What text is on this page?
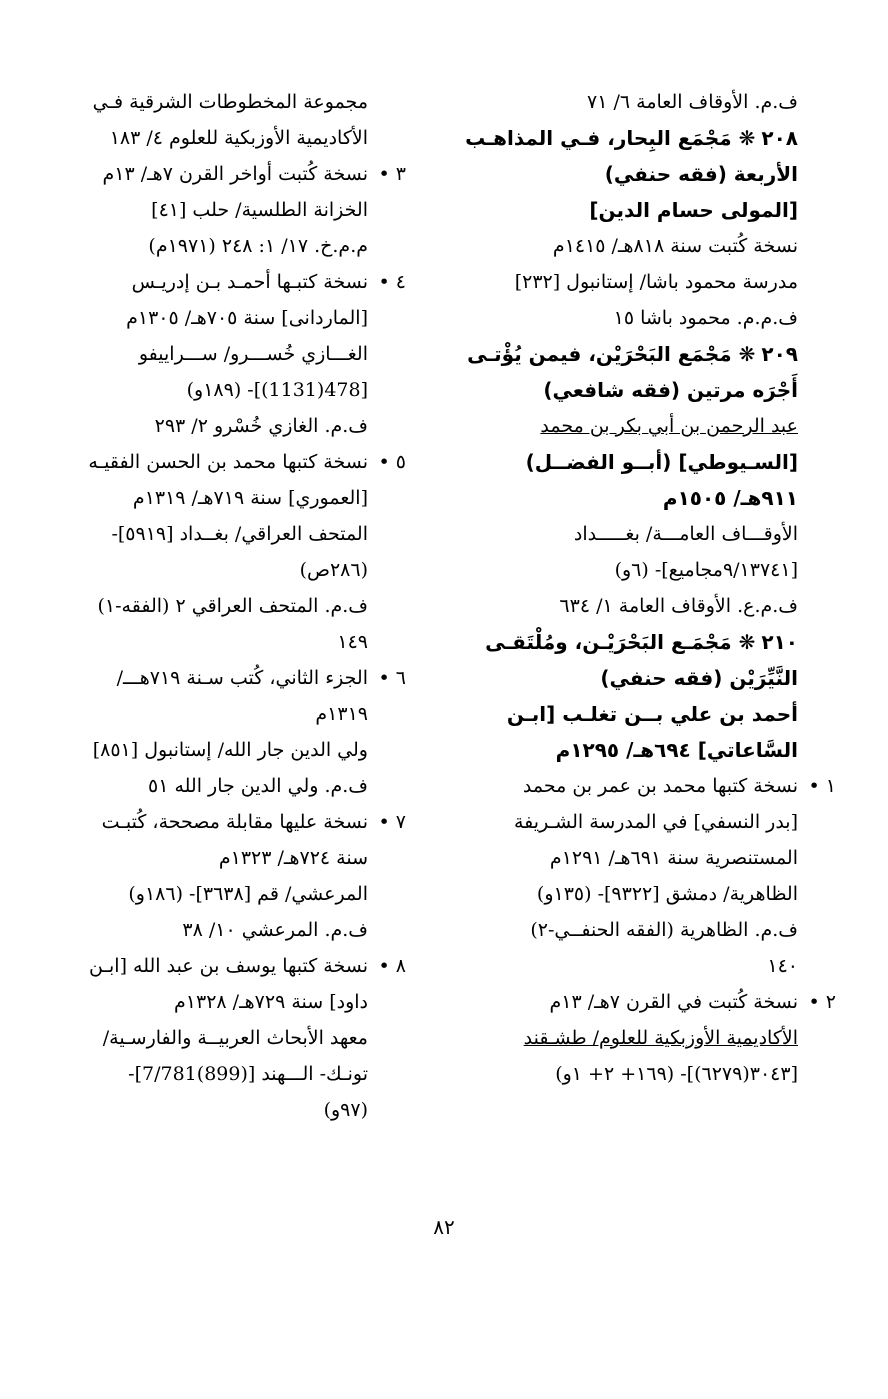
ف.م. الأوقاف العامة ٦/ ٧١
٢٠٨❋ مَجْمَع البِحار، فـي المذاهـب
الأربعة (فقه حنفي)
[المولى حسام الدين]
نسخة كُتبت سنة ٨١٨هـ/ ١٤١٥م
مدرسة محمود باشا/ إستانبول [٢٣٢]
ف.م.م. محمود باشا ١٥
٢٠٩❋ مَجْمَع البَحْرَيْن، فيمن يُؤْتـى
أَجْرَه مرتين (فقه شافعي)
عبد الرحمن بن أبي بكر بن محمد
[السـيوطي] (أبــو الفضــل)
٩١١هـ/ ١٥٠٥م
الأوقـــاف العامـــة/ بغـــــداد
[٩/١٣٧٤١مجاميع]- (٦و)
ف.م.ع. الأوقاف العامة ١/ ٦٣٤
٢١٠❋ مَجْمَـع البَحْرَيْـن، ومُلْتَقـى
النَّيِّرَيْن (فقه حنفي)
أحمد بن علي بــن تغلـب [ابـن
السَّاعاتي] ٦٩٤هـ/ ١٢٩٥م
١ •
نسخة كتبها محمد بن عمر بن محمد
[بدر النسفي] في المدرسة الشـريفة
المستنصرية سنة ٦٩١هـ/ ١٢٩١م
الظاهرية/ دمشق [٩٣٢٢]- (١٣٥و)
ف.م. الظاهرية (الفقه الحنفــي-٢)
١٤٠
٢ •
نسخة كُتبت في القرن ٧هـ/ ١٣م
الأكاديمية الأوزبكية للعلوم/ طشـقند
[٣٠٤٣(٦٢٧٩)]- (١٦٩+ ٢+ ١و)
مجموعة المخطوطات الشرقية فـي
الأكاديمية الأوزبكية للعلوم ٤/ ١٨٣
٣ •
نسخة كُتبت أواخر القرن ٧هـ/ ١٣م
الخزانة الطلسية/ حلب [٤١]
م.م.خ. ١٧/ ١: ٢٤٨ (١٩٧١م)
٤ •
نسخة كتبـها أحمـد بـن إدريـس
[الماردانى] سنة ٧٠٥هـ/ ١٣٠٥م
الغـــازي خُســـرو/ ســـراييفو
[478(1131)]- (١٨٩و)
ف.م. الغازي خُسْرو ٢/ ٢٩٣
٥ •
نسخة كتبها محمد بن الحسن الفقيـه
[العموري] سنة ٧١٩هـ/ ١٣١٩م
المتحف العراقي/ بغــداد [٥٩١٩]-
(٢٨٦ص)
ف.م. المتحف العراقي ٢ (الفقه-١)
١٤٩
٦ •
الجزء الثاني، كُتب سـنة ٧١٩هـــ/
١٣١٩م
ولي الدين جار الله/ إستانبول [٨٥١]
ف.م. ولي الدين جار الله ٥١
٧ •
نسخة عليها مقابلة مصححة، كُتبـت
سنة ٧٢٤هـ/ ١٣٢٣م
المرعشي/ قم [٣٦٣٨]- (١٨٦و)
ف.م. المرعشي ١٠/ ٣٨
٨ •
نسخة كتبها يوسف بن عبد الله [ابـن
داود] سنة ٧٢٩هـ/ ١٣٢٨م
معهد الأبحاث العربيــة والفارسـية/
تونـك- الـــهند [(899)7/781]-
(٩٧و)
٨٢
